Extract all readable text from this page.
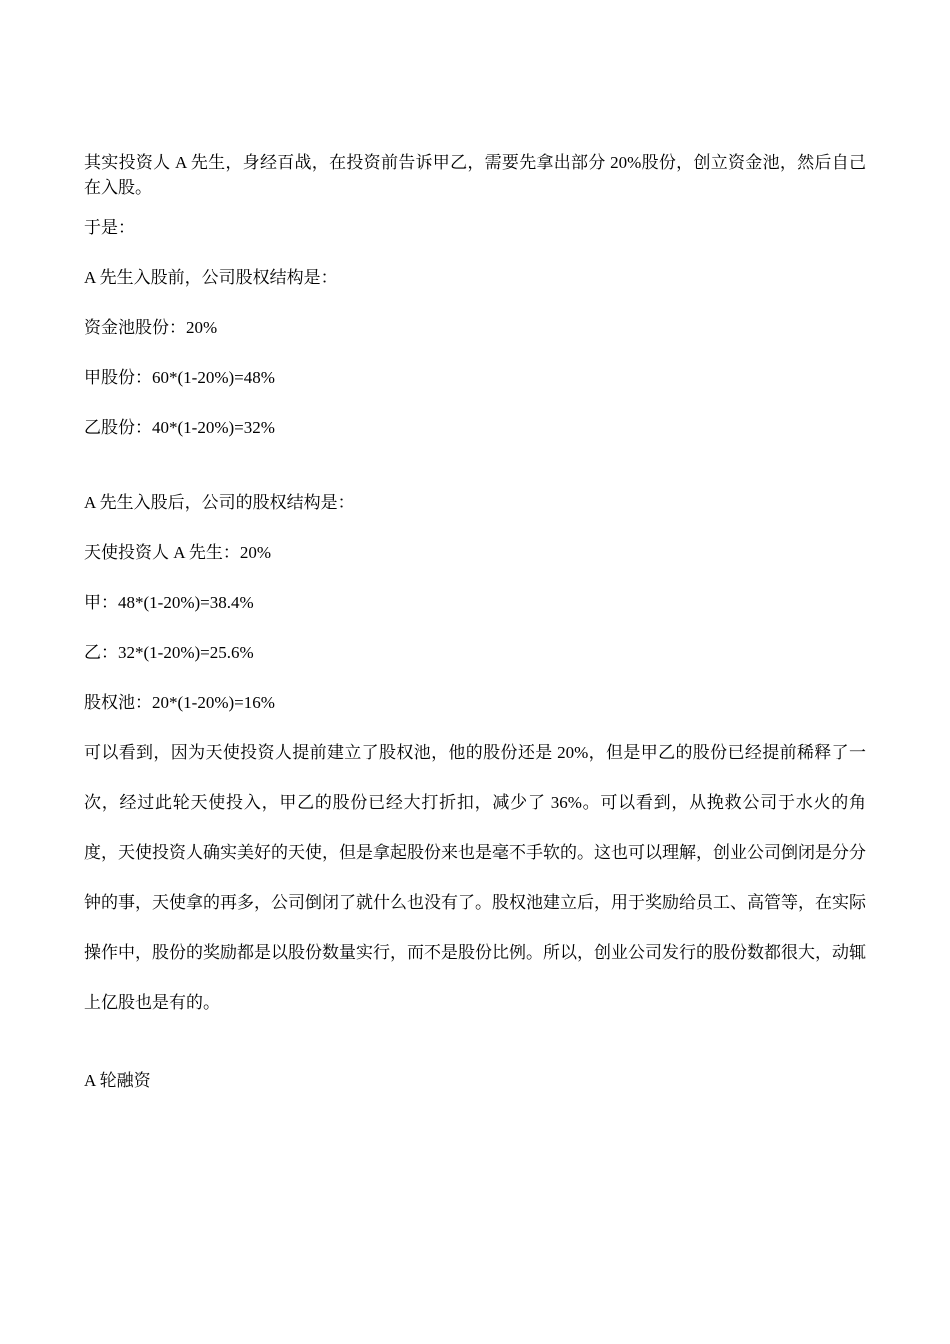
其实投资人 A 先生，身经百战，在投资前告诉甲乙，需要先拿出部分 20%股份，创立资金池，然后自己在入股。

于是：

A 先生入股前，公司股权结构是：

资金池股份：20%

甲股份：60*(1-20%)=48%

乙股份：40*(1-20%)=32%

A 先生入股后，公司的股权结构是：

天使投资人 A 先生：20%

甲：48*(1-20%)=38.4%

乙：32*(1-20%)=25.6%

股权池：20*(1-20%)=16%

可以看到，因为天使投资人提前建立了股权池，他的股份还是 20%，但是甲乙的股份已经提前稀释了一次，经过此轮天使投入，甲乙的股份已经大打折扣，减少了 36%。可以看到，从挽救公司于水火的角度，天使投资人确实美好的天使，但是拿起股份来也是毫不手软的。这也可以理解，创业公司倒闭是分分钟的事，天使拿的再多，公司倒闭了就什么也没有了。股权池建立后，用于奖励给员工、高管等，在实际操作中，股份的奖励都是以股份数量实行，而不是股份比例。所以，创业公司发行的股份数都很大，动辄上亿股也是有的。

A 轮融资
